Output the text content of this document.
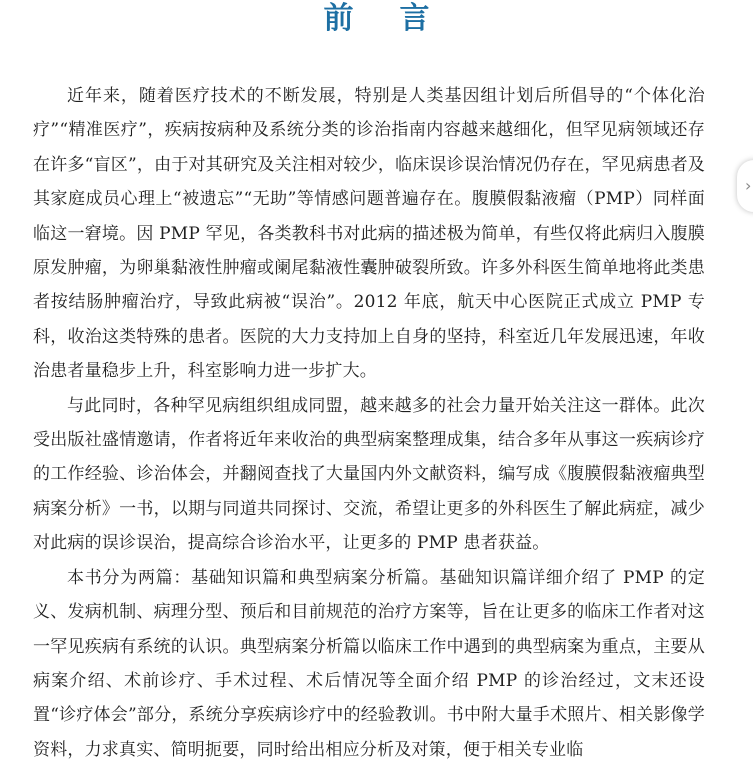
前言

近年来，随着医疗技术的不断发展，特别是人类基因组计划后所倡导的“个体化治疗”“精准医疗”，疾病按病种及系统分类的诊治指南内容越来越细化，但罕见病领域还存在许多“盲区”，由于对其研究及关注相对较少，临床误诊误治情况仍存在，罕见病患者及其家庭成员心理上“被遗忘”“无助”等情感问题普遍存在。腹膜假黏液瘤（PMP）同样面临这一窘境。因 PMP 罕见，各类教科书对此病的描述极为简单，有些仅将此病归入腹膜原发肿瘤，为卵巢黏液性肿瘤或阑尾黏液性囊肿破裂所致。许多外科医生简单地将此类患者按结肠肿瘤治疗，导致此病被“误治”。2012 年底，航天中心医院正式成立 PMP 专科，收治这类特殊的患者。医院的大力支持加上自身的坚持，科室近几年发展迅速，年收治患者量稳步上升，科室影响力进一步扩大。

与此同时，各种罕见病组织组成同盟，越来越多的社会力量开始关注这一群体。此次受出版社盛情邀请，作者将近年来收治的典型病案整理成集，结合多年从事这一疾病诊疗的工作经验、诊治体会，并翻阅查找了大量国内外文献资料，编写成《腹膜假黏液瘤典型病案分析》一书，以期与同道共同探讨、交流，希望让更多的外科医生了解此病症，减少对此病的误诊误治，提高综合诊治水平，让更多的 PMP 患者获益。

本书分为两篇：基础知识篇和典型病案分析篇。基础知识篇详细介绍了 PMP 的定义、发病机制、病理分型、预后和目前规范的治疗方案等，旨在让更多的临床工作者对这一罕见疾病有系统的认识。典型病案分析篇以临床工作中遇到的典型病案为重点，主要从病案介绍、术前诊疗、手术过程、术后情况等全面介绍 PMP 的诊治经过，文末还设置“诊疗体会”部分，系统分享疾病诊疗中的经验教训。书中附大量手术照片、相关影像学资料，力求真实、简明扼要，同时给出相应分析及对策，便于相关专业临

›
